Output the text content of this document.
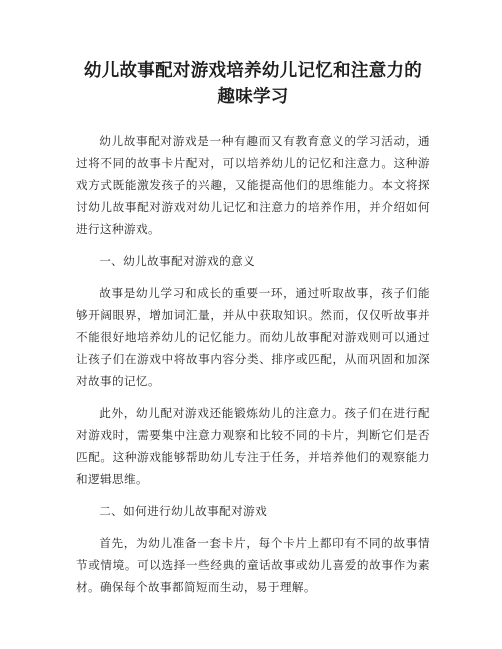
幼儿故事配对游戏培养幼儿记忆和注意力的趣味学习

幼儿故事配对游戏是一种有趣而又有教育意义的学习活动，通过将不同的故事卡片配对，可以培养幼儿的记忆和注意力。这种游戏方式既能激发孩子的兴趣，又能提高他们的思维能力。本文将探讨幼儿故事配对游戏对幼儿记忆和注意力的培养作用，并介绍如何进行这种游戏。

一、幼儿故事配对游戏的意义

故事是幼儿学习和成长的重要一环，通过听取故事，孩子们能够开阔眼界，增加词汇量，并从中获取知识。然而，仅仅听故事并不能很好地培养幼儿的记忆能力。而幼儿故事配对游戏则可以通过让孩子们在游戏中将故事内容分类、排序或匹配，从而巩固和加深对故事的记忆。

此外，幼儿配对游戏还能锻炼幼儿的注意力。孩子们在进行配对游戏时，需要集中注意力观察和比较不同的卡片，判断它们是否匹配。这种游戏能够帮助幼儿专注于任务，并培养他们的观察能力和逻辑思维。

二、如何进行幼儿故事配对游戏

首先，为幼儿准备一套卡片，每个卡片上都印有不同的故事情节或情境。可以选择一些经典的童话故事或幼儿喜爱的故事作为素材。确保每个故事都简短而生动，易于理解。
